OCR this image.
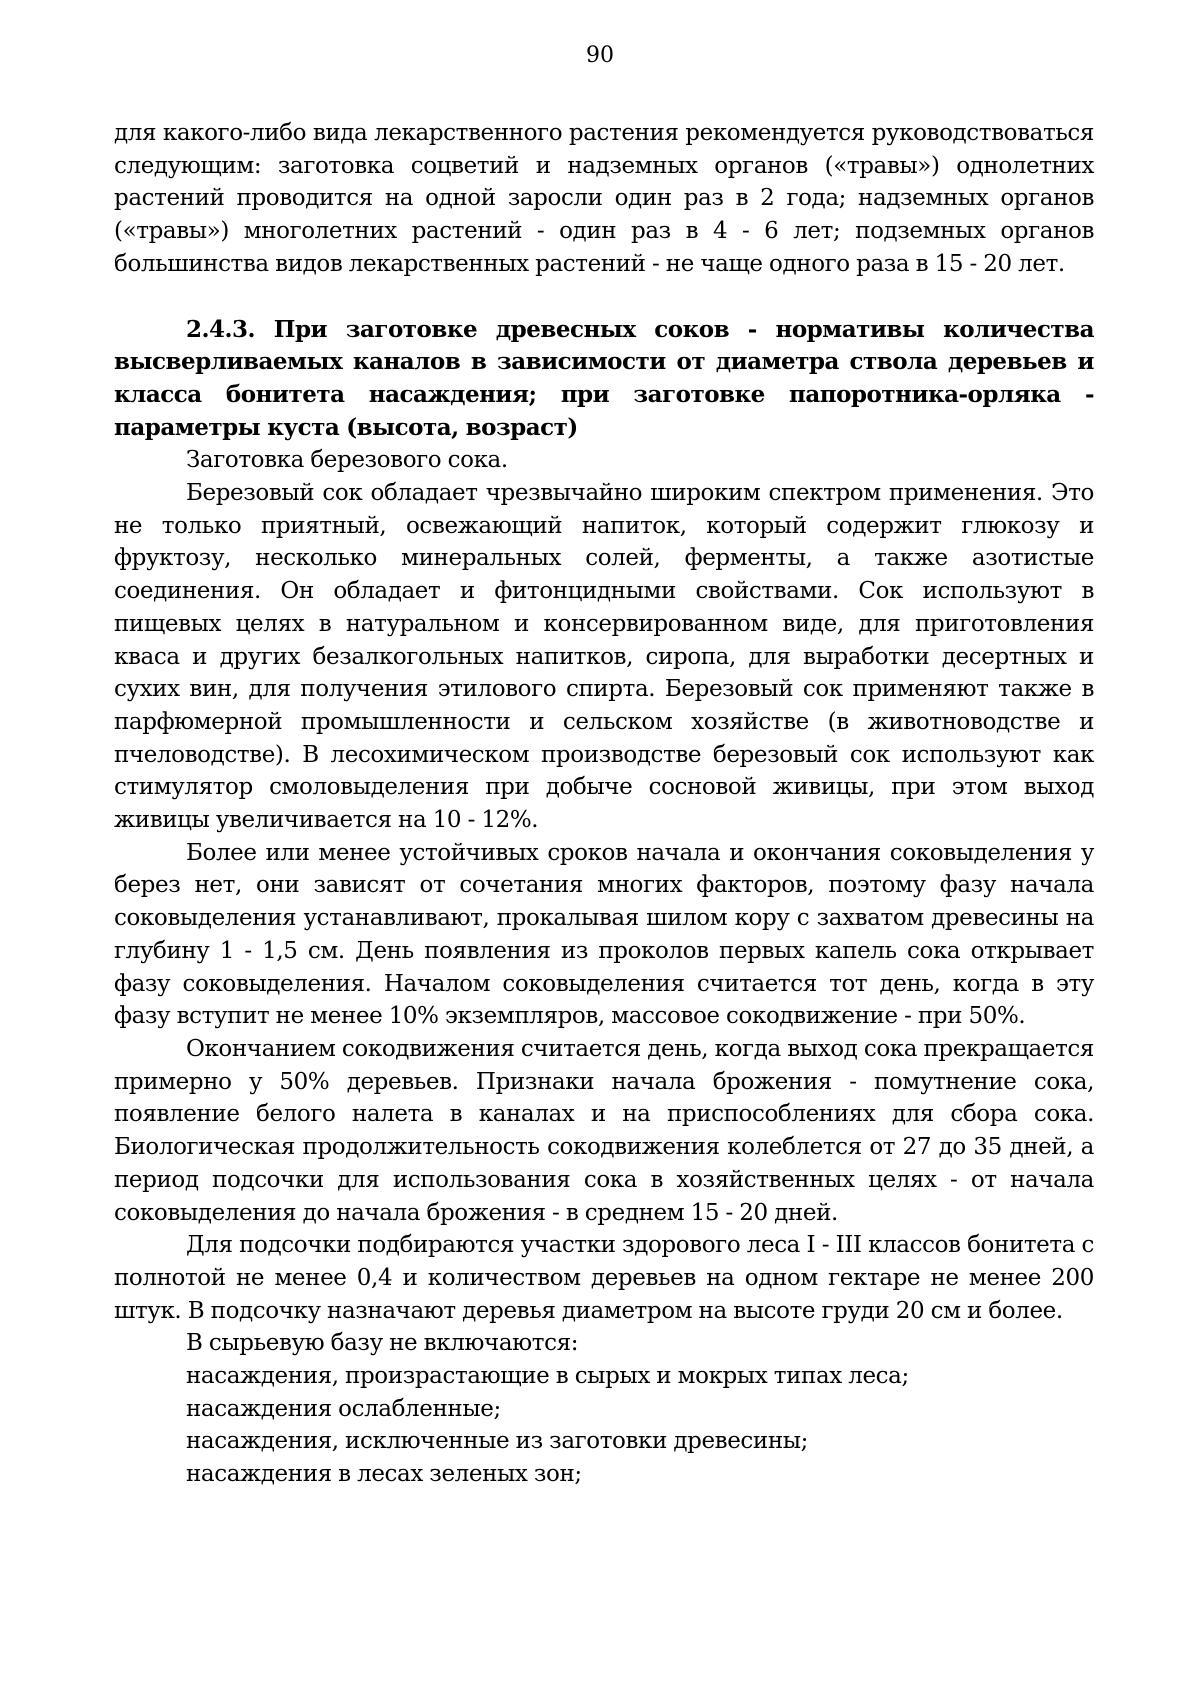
90

для какого-либо вида лекарственного растения рекомендуется руководствоваться следующим: заготовка соцветий и надземных органов («травы») однолетних растений проводится на одной заросли один раз в 2 года; надземных органов («травы») многолетних растений - один раз в 4 - 6 лет; подземных органов большинства видов лекарственных растений - не чаще одного раза в 15 - 20 лет.

2.4.3. При заготовке древесных соков - нормативы количества высверливаемых каналов в зависимости от диаметра ствола деревьев и класса бонитета насаждения; при заготовке папоротника-орляка - параметры куста (высота, возраст)

Заготовка березового сока.

Березовый сок обладает чрезвычайно широким спектром применения. Это не только приятный, освежающий напиток, который содержит глюкозу и фруктозу, несколько минеральных солей, ферменты, а также азотистые соединения. Он обладает и фитонцидными свойствами. Сок используют в пищевых целях в натуральном и консервированном виде, для приготовления кваса и других безалкогольных напитков, сиропа, для выработки десертных и сухих вин, для получения этилового спирта. Березовый сок применяют также в парфюмерной промышленности и сельском хозяйстве (в животноводстве и пчеловодстве). В лесохимическом производстве березовый сок используют как стимулятор смоловыделения при добыче сосновой живицы, при этом выход живицы увеличивается на 10 - 12%.

Более или менее устойчивых сроков начала и окончания соковыделения у берез нет, они зависят от сочетания многих факторов, поэтому фазу начала соковыделения устанавливают, прокалывая шилом кору с захватом древесины на глубину 1 - 1,5 см. День появления из проколов первых капель сока открывает фазу соковыделения. Началом соковыделения считается тот день, когда в эту фазу вступит не менее 10% экземпляров, массовое сокодвижение - при 50%.

Окончанием сокодвижения считается день, когда выход сока прекращается примерно у 50% деревьев. Признаки начала брожения - помутнение сока, появление белого налета в каналах и на приспособлениях для сбора сока. Биологическая продолжительность сокодвижения колеблется от 27 до 35 дней, а период подсочки для использования сока в хозяйственных целях - от начала соковыделения до начала брожения - в среднем 15 - 20 дней.

Для подсочки подбираются участки здорового леса I - III классов бонитета с полнотой не менее 0,4 и количеством деревьев на одном гектаре не менее 200 штук. В подсочку назначают деревья диаметром на высоте груди 20 см и более.

В сырьевую базу не включаются:

насаждения, произрастающие в сырых и мокрых типах леса;

насаждения ослабленные;

насаждения, исключенные из заготовки древесины;

насаждения в лесах зеленых зон;
